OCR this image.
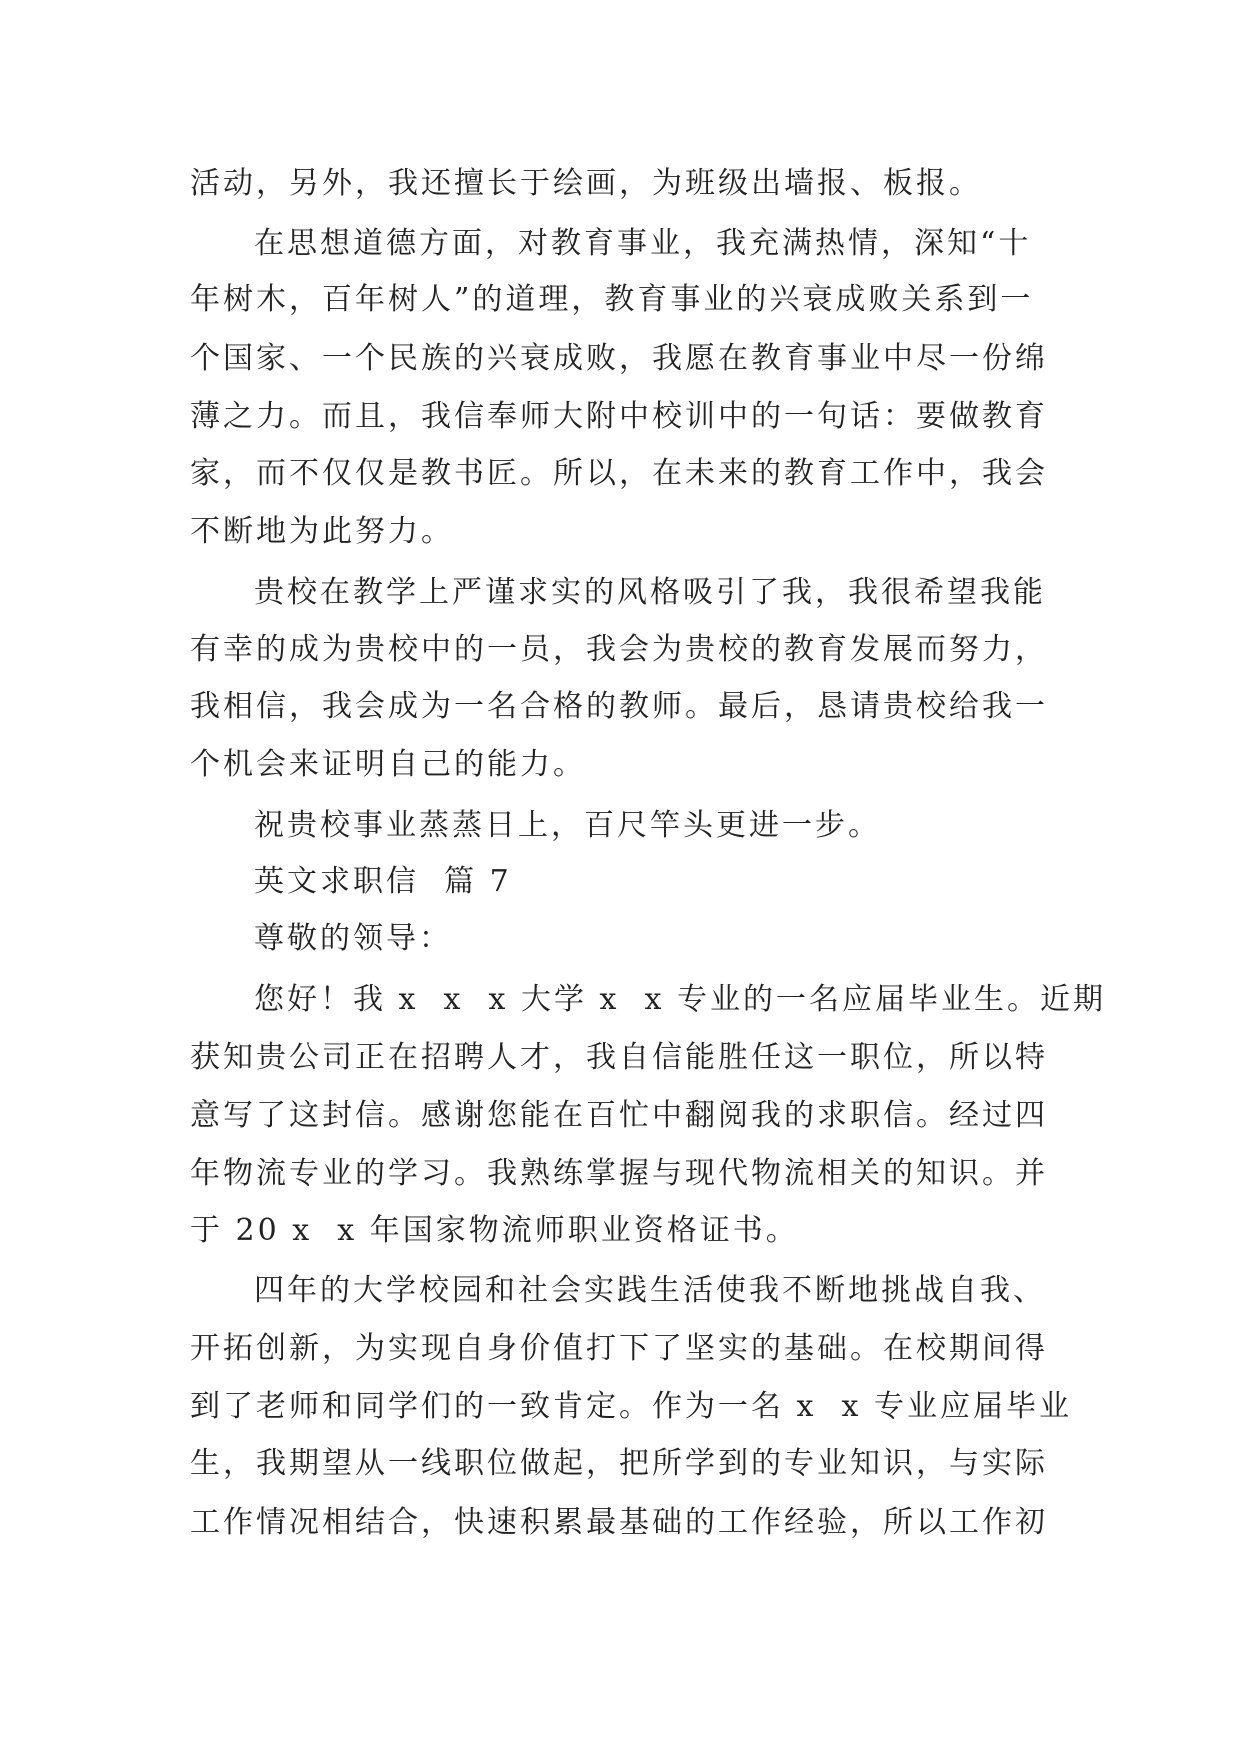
活动，另外，我还擅长于绘画，为班级出墙报、板报。
在思想道德方面，对教育事业，我充满热情，深知“十
年树木，百年树人”的道理，教育事业的兴衰成败关系到一
个国家、一个民族的兴衰成败，我愿在教育事业中尽一份绵
薄之力。而且，我信奉师大附中校训中的一句话：要做教育
家，而不仅仅是教书匠。所以，在未来的教育工作中，我会
不断地为此努力。
贵校在教学上严谨求实的风格吸引了我，我很希望我能
有幸的成为贵校中的一员，我会为贵校的教育发展而努力，
我相信，我会成为一名合格的教师。最后，恳请贵校给我一
个机会来证明自己的能力。
祝贵校事业蒸蒸日上，百尺竿头更进一步。
英文求职信  篇 7
尊敬的领导：
您好！我 x  x  x 大学 x  x 专业的一名应届毕业生。近期
获知贵公司正在招聘人才，我自信能胜任这一职位，所以特
意写了这封信。感谢您能在百忙中翻阅我的求职信。经过四
年物流专业的学习。我熟练掌握与现代物流相关的知识。并
于 20 x  x 年国家物流师职业资格证书。
四年的大学校园和社会实践生活使我不断地挑战自我、
开拓创新，为实现自身价值打下了坚实的基础。在校期间得
到了老师和同学们的一致肯定。作为一名 x  x 专业应届毕业
生，我期望从一线职位做起，把所学到的专业知识，与实际
工作情况相结合，快速积累最基础的工作经验，所以工作初
